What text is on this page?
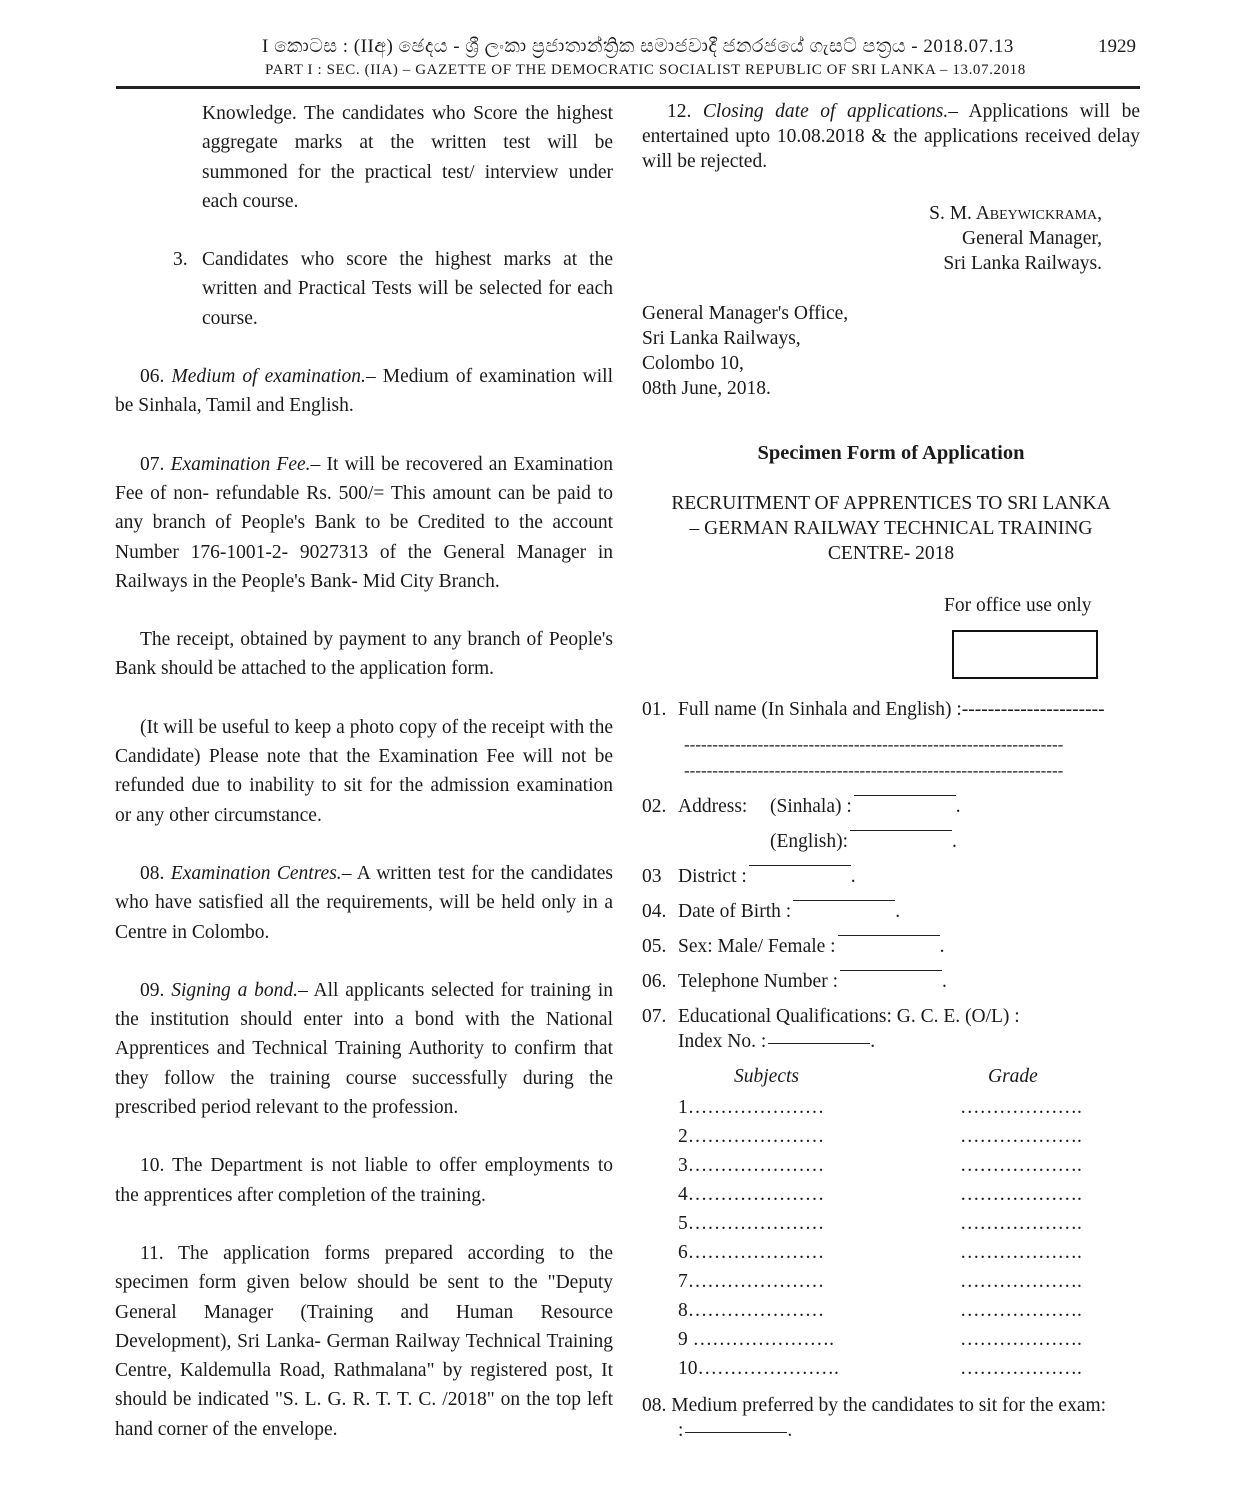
I කොටස : (IIඅ) ඡෙදය - ශ්‍රී ලංකා ප්‍රජාතාන්ත්‍රික සමාජවාදී ජනරජයේ ගැසට් පත්‍රය - 2018.07.13	1929
PART I : SEC. (IIA) – GAZETTE OF THE DEMOCRATIC SOCIALIST REPUBLIC OF SRI LANKA – 13.07.2018

Knowledge. The candidates who Score the highest aggregate marks at the written test will be summoned for the practical test/ interview under each course.

3. Candidates who score the highest marks at the written and Practical Tests will be selected for each course.

06. Medium of examination.– Medium of examination will be Sinhala, Tamil and English.

07. Examination Fee.– It will be recovered an Examination Fee of non- refundable Rs. 500/= This amount can be paid to any branch of People's Bank to be Credited to the account Number 176-1001-2- 9027313 of the General Manager in Railways in the People's Bank- Mid City Branch.

The receipt, obtained by payment to any branch of People's Bank should be attached to the application form.

(It will be useful to keep a photo copy of the receipt with the Candidate) Please note that the Examination Fee will not be refunded due to inability to sit for the admission examination or any other circumstance.

08. Examination Centres.– A written test for the candidates who have satisfied all the requirements, will be held only in a Centre in Colombo.

09. Signing a bond.– All applicants selected for training in the institution should enter into a bond with the National Apprentices and Technical Training Authority to confirm that they follow the training course successfully during the prescribed period relevant to the profession.

10. The Department is not liable to offer employments to the apprentices after completion of the training.

11. The application forms prepared according to the specimen form given below should be sent to the "Deputy General Manager (Training and Human Resource Development), Sri Lanka- German Railway Technical Training Centre, Kaldemulla Road, Rathmalana" by registered post, It should be indicated "S. L. G. R. T. T. C. /2018" on the top left hand corner of the envelope.

12. Closing date of applications.– Applications will be entertained upto 10.08.2018 & the applications received delay will be rejected.

S. M. Abeywickrama,
General Manager,
Sri Lanka Railways.
General Manager's Office,
Sri Lanka Railways,
Colombo 10,
08th June, 2018.
Specimen Form of Application
RECRUITMENT OF APPRENTICES TO SRI LANKA
– GERMAN RAILWAY TECHNICAL TRAINING
CENTRE- 2018
For office use only
01. Full name (In Sinhala and English) :----------------------
-------------------------------------------------------------------
-------------------------------------------------------------------
02. Address:	(Sinhala) :	.
(English):	.
03 District :	.
04. Date of Birth :	.
05. Sex: Male/ Female :	.
06. Telephone Number :	.
07. Educational Qualifications: G. C. E. (O/L) :
Index No. :	.
Subjects	Grade
1…………………	……………….
2…………………	……………….
3…………………	……………….
4…………………	……………….
5…………………	……………….
6…………………	……………….
7…………………	……………….
8…………………	……………….
9 ………………….	……………….
10………………….	……………….
08. Medium preferred by the candidates to sit for the exam:
:	.
